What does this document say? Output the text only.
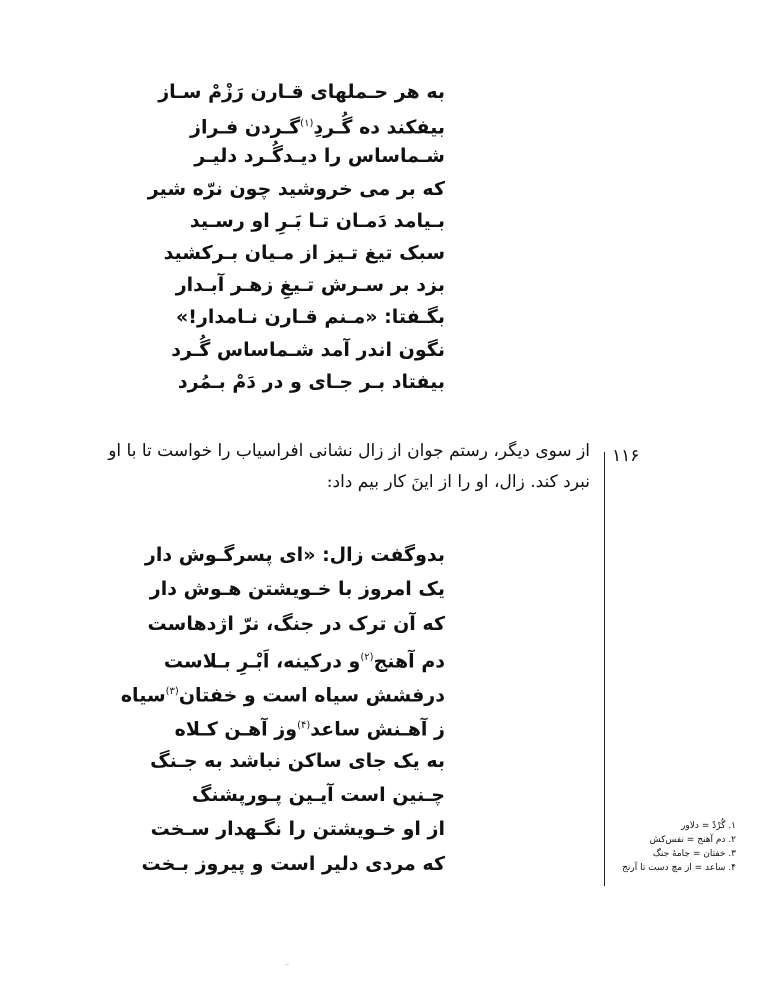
به هر حـملهای قـارن رَزْمْ سـاز
بیفکند ده گُـردِ$^{(۱)}$گـردن فـراز
شـماساس را دیـدگُـرد دلیـر
که بر می خروشید چون نرّه شیر
بـیامد دَمـان تـا بَـرِ او رسـید
سبک تیغ تـیز از مـیان بـرکشید
بزد بر سـرش تـیغِ زهـر آبـدار
بگـفتا: «مـنم قـارن نـامدار!»
نگون اندر آمد شـماساس گُـرد
بیفتاد بـر جـای و در دَمْ بـمُرد
از سوی دیگر، رستم جوان از زال نشانی افراسیاب را خواست تا با او
نبرد کند. زال، او را از اینَ کار بیم داد:
۱۱۶
بدوگفت زال: «ای پسرگـوش دار
یک امروز با خـویشتن هـوش دار
که آن ترک در جنگ، نرّ اژدهاست
دم آهنج$^{(۲)}$و درکینه، اَبْـرِ بـلاست
درفشش سیاه است و خفتان$^{(۳)}$سیاه
ز آهـنش ساعد$^{(۴)}$وز آهـن کـلاه
به یک جای ساکن نباشد به جـنگ
چـنین است آیـین پـورپشنگ
از او خـویشتن را نگـهدار سـخت
که مردی دلیر است و پیروز بـخت
۱. گُرْدْ = دلاور
۲. دم آهنج = نفس‌کش
۳. خفتان = جامهٔ جنگ
۴. ساعد = از مچ دست تا آرنج
